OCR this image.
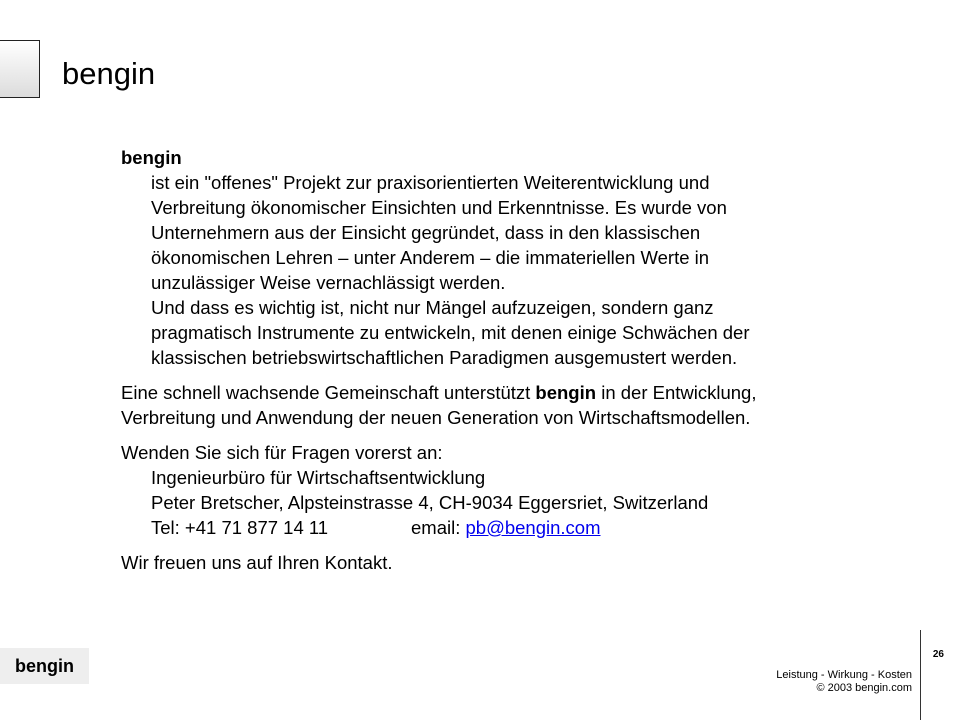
bengin

bengin

ist ein "offenes" Projekt zur praxisorientierten Weiterentwicklung und

Verbreitung ökonomischer Einsichten und Erkenntnisse. Es wurde von

Unternehmern aus der Einsicht gegründet, dass in den klassischen

ökonomischen Lehren – unter Anderem – die immateriellen Werte in

unzulässiger Weise vernachlässigt werden.

Und dass es wichtig ist, nicht nur Mängel aufzuzeigen, sondern ganz

pragmatisch Instrumente zu entwickeln, mit denen einige Schwächen der

klassischen betriebswirtschaftlichen Paradigmen ausgemustert werden.

Eine schnell wachsende Gemeinschaft unterstützt bengin in der Entwicklung,

Verbreitung und Anwendung der neuen Generation von Wirtschaftsmodellen.

Wenden Sie sich für Fragen vorerst an:

Ingenieurbüro für Wirtschaftsentwicklung

Peter Bretscher, Alpsteinstrasse 4, CH-9034 Eggersriet, Switzerland

Tel: +41 71 877 14 11	email: pb@bengin.com

Wir freuen uns auf Ihren Kontakt.

bengin
26
Leistung - Wirkung - Kosten
© 2003 bengin.com
